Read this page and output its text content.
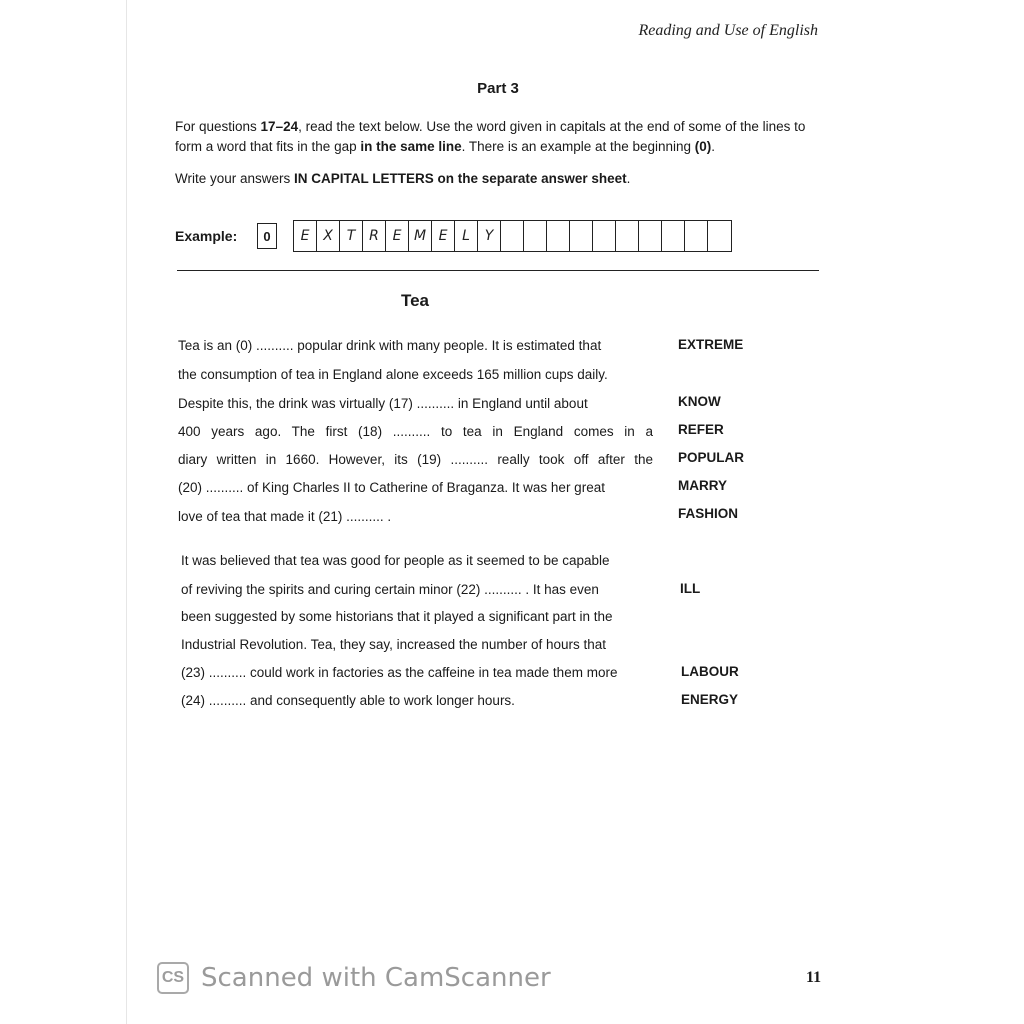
Reading and Use of English
Part 3

For questions 17–24, read the text below. Use the word given in capitals at the end of some of the lines to form a word that fits in the gap in the same line. There is an example at the beginning (0).

Write your answers IN CAPITAL LETTERS on the separate answer sheet.

Example:	0	E X T R E M E	L	Y
Tea
Tea is an (0) .......... popular drink with many people. It is estimated that
the consumption of tea in England alone exceeds 165 million cups daily.
Despite this, the drink was virtually (17) .......... in England until about
400 years ago. The first (18) .......... to tea in England comes in a
diary written in 1660. However, its (19) .......... really took off after the
(20) .......... of King Charles II to Catherine of Braganza. It was her great
love of tea that made it (21) .......... .
It was believed that tea was good for people as it seemed to be capable
of reviving the spirits and curing certain minor (22) .......... . It has even
been suggested by some historians that it played a significant part in the
Industrial Revolution. Tea, they say, increased the number of hours that
(23) .......... could work in factories as the caffeine in tea made them more
(24) .......... and consequently able to work longer hours.
EXTREME
KNOW
REFER
POPULAR
MARRY
FASHION
ILL
LABOUR
ENERGY
CS Scanned with CamScanner	11
